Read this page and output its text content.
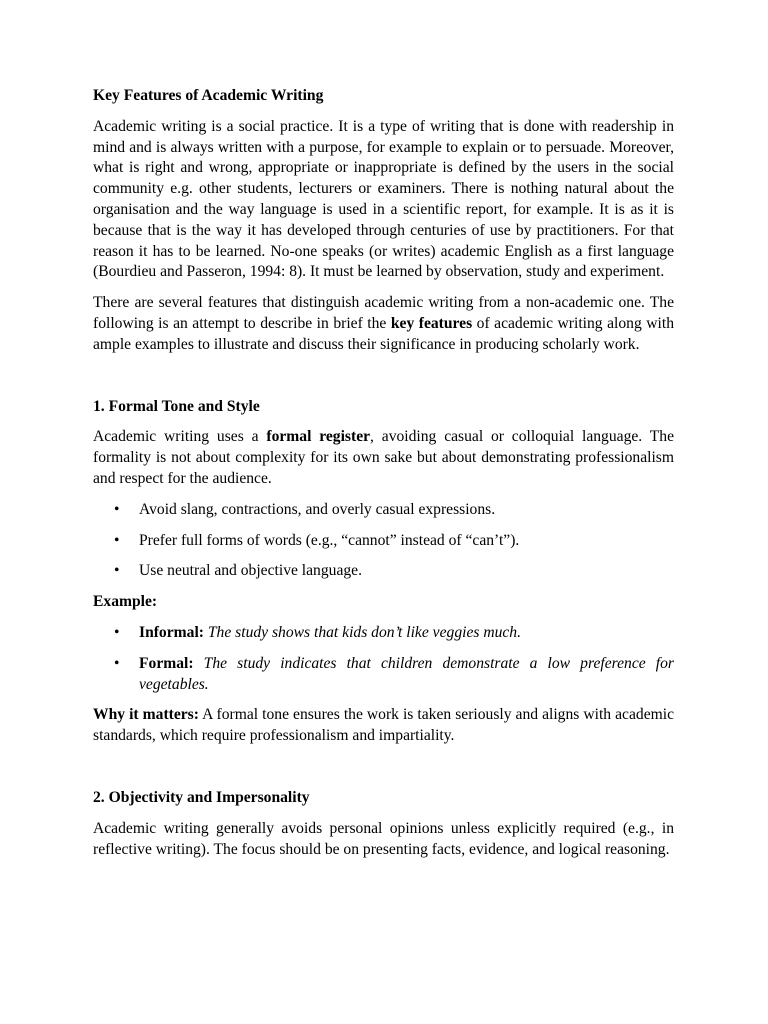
Key Features of Academic Writing

Academic writing is a social practice. It is a type of writing that is done with readership in mind and is always written with a purpose, for example to explain or to persuade. Moreover, what is right and wrong, appropriate or inappropriate is defined by the users in the social community e.g. other students, lecturers or examiners. There is nothing natural about the organisation and the way language is used in a scientific report, for example. It is as it is because that is the way it has developed through centuries of use by practitioners. For that reason it has to be learned. No-one speaks (or writes) academic English as a first language (Bourdieu and Passeron, 1994: 8). It must be learned by observation, study and experiment.

There are several features that distinguish academic writing from a non-academic one. The following is an attempt to describe in brief the key features of academic writing along with ample examples to illustrate and discuss their significance in producing scholarly work.

1. Formal Tone and Style

Academic writing uses a formal register, avoiding casual or colloquial language. The formality is not about complexity for its own sake but about demonstrating professionalism and respect for the audience.

• Avoid slang, contractions, and overly casual expressions.
• Prefer full forms of words (e.g., “cannot” instead of “can’t”).
• Use neutral and objective language.

Example:

• Informal: The study shows that kids don’t like veggies much.
• Formal: The study indicates that children demonstrate a low preference for vegetables.

Why it matters: A formal tone ensures the work is taken seriously and aligns with academic standards, which require professionalism and impartiality.

2. Objectivity and Impersonality

Academic writing generally avoids personal opinions unless explicitly required (e.g., in reflective writing). The focus should be on presenting facts, evidence, and logical reasoning.
